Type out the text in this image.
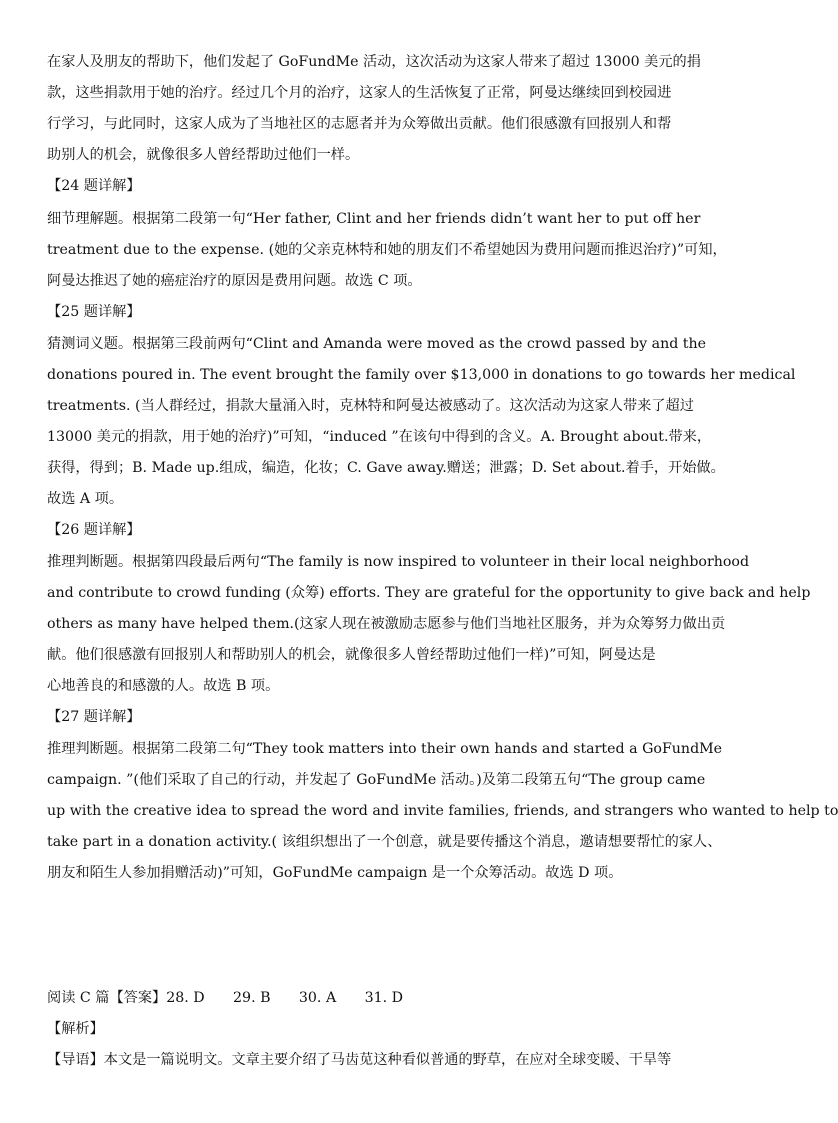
在家人及朋友的帮助下，他们发起了 GoFundMe 活动，这次活动为这家人带来了超过 13000 美元的捐
款，这些捐款用于她的治疗。经过几个月的治疗，这家人的生活恢复了正常，阿曼达继续回到校园进
行学习，与此同时，这家人成为了当地社区的志愿者并为众筹做出贡献。他们很感激有回报别人和帮
助别人的机会，就像很多人曾经帮助过他们一样。
【24 题详解】
细节理解题。根据第二段第一句“Her father, Clint and her friends didn’t want her to put off her
treatment due to the expense. (她的父亲克林特和她的朋友们不希望她因为费用问题而推迟治疗)”可知，
阿曼达推迟了她的癌症治疗的原因是费用问题。故选 C 项。
【25 题详解】
猜测词义题。根据第三段前两句“Clint and Amanda were moved as the crowd passed by and the
donations poured in. The event brought the family over $13,000 in donations to go towards her medical
treatments. (当人群经过，捐款大量涌入时，克林特和阿曼达被感动了。这次活动为这家人带来了超过
13000 美元的捐款，用于她的治疗)”可知，“induced ”在该句中得到的含义。A. Brought about.带来，
获得，得到；B. Made up.组成，编造，化妆；C. Gave away.赠送；泄露；D. Set about.着手，开始做。
故选 A 项。
【26 题详解】
推理判断题。根据第四段最后两句“The family is now inspired to volunteer in their local neighborhood
and contribute to crowd funding (众筹) efforts. They are grateful for the opportunity to give back and help
others as many have helped them.(这家人现在被激励志愿参与他们当地社区服务，并为众筹努力做出贡
献。他们很感激有回报别人和帮助别人的机会，就像很多人曾经帮助过他们一样)”可知，阿曼达是
心地善良的和感激的人。故选 B 项。
【27 题详解】
推理判断题。根据第二段第二句“They took matters into their own hands and started a GoFundMe
campaign. ”(他们采取了自己的行动，并发起了 GoFundMe 活动。)及第二段第五句“The group came
up with the creative idea to spread the word and invite families, friends, and strangers who wanted to help to
take part in a donation activity.( 该组织想出了一个创意，就是要传播这个消息，邀请想要帮忙的家人、
朋友和陌生人参加捐赠活动)”可知，GoFundMe campaign 是一个众筹活动。故选 D 项。
阅读 C 篇【答案】28. D　　29. B　　30. A　　31. D
【解析】
【导语】本文是一篇说明文。文章主要介绍了马齿苋这种看似普通的野草，在应对全球变暖、干旱等
